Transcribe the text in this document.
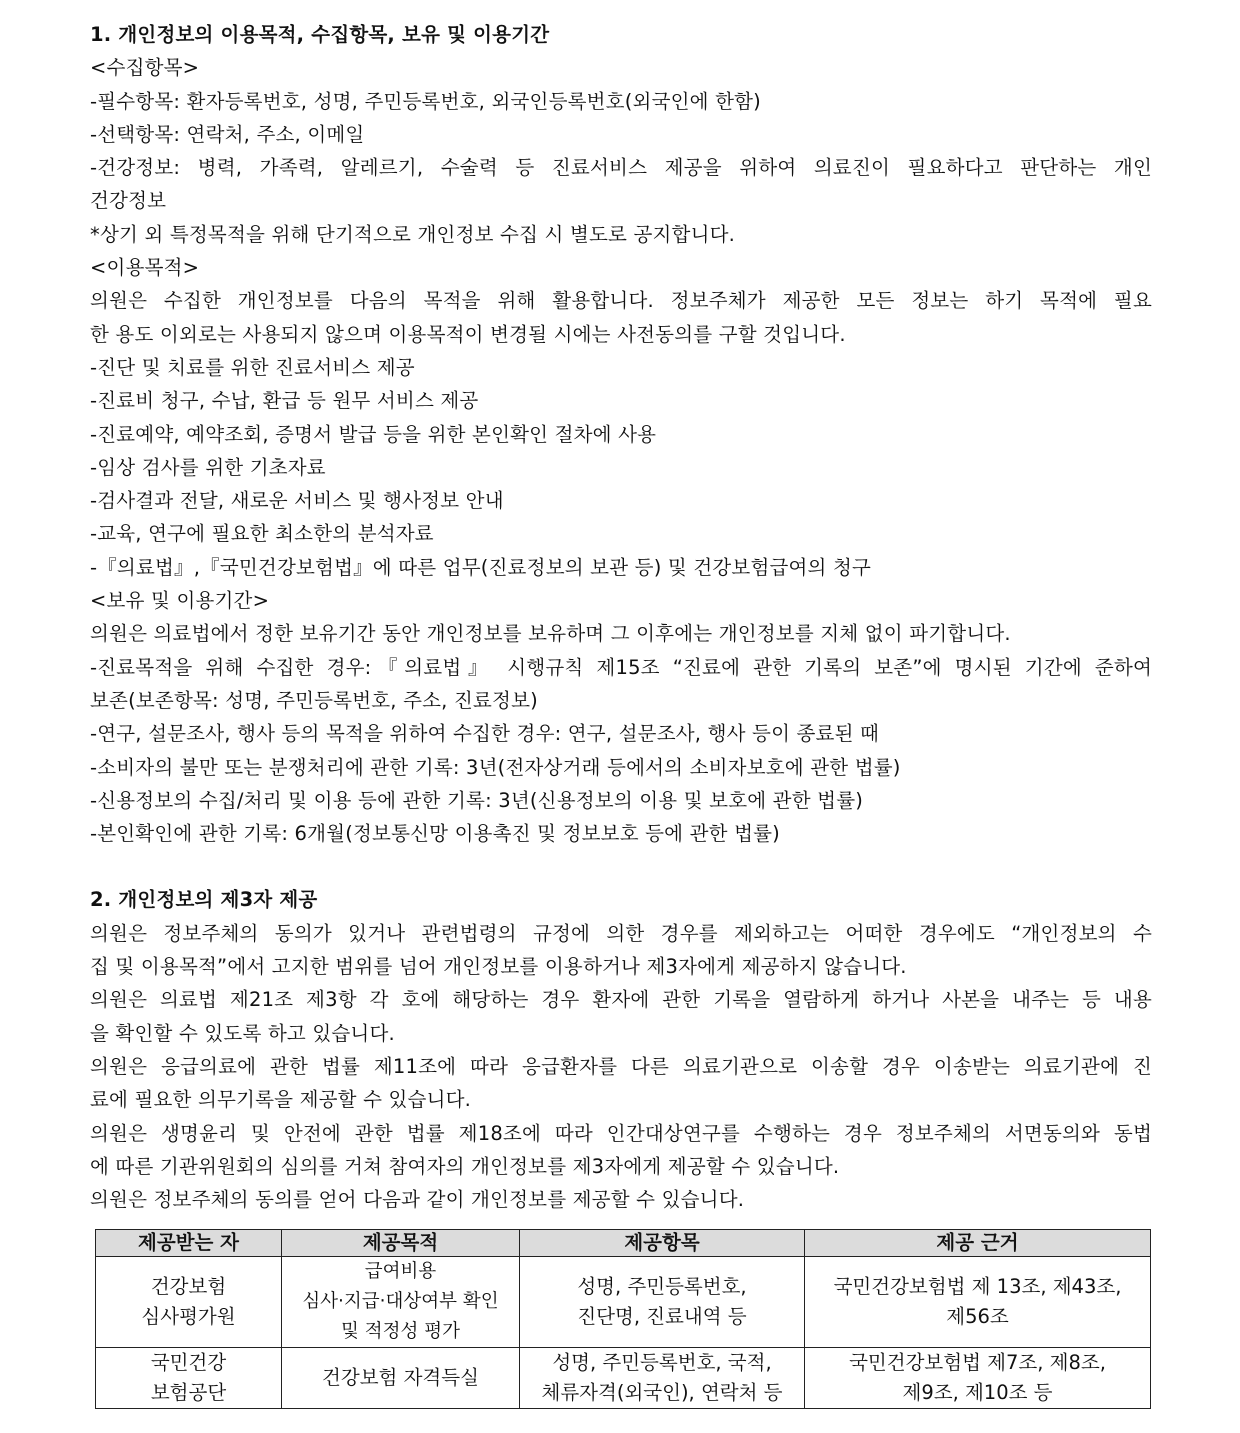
1. 개인정보의 이용목적, 수집항목, 보유 및 이용기간
<수집항목>
-필수항목: 환자등록번호, 성명, 주민등록번호, 외국인등록번호(외국인에 한함)
-선택항목: 연락처, 주소, 이메일
-건강정보: 병력, 가족력, 알레르기, 수술력 등 진료서비스 제공을 위하여 의료진이 필요하다고 판단하는 개인
건강정보
*상기 외 특정목적을 위해 단기적으로 개인정보 수집 시 별도로 공지합니다.
<이용목적>
의원은 수집한 개인정보를 다음의 목적을 위해 활용합니다. 정보주체가 제공한 모든 정보는 하기 목적에 필요
한 용도 이외로는 사용되지 않으며 이용목적이 변경될 시에는 사전동의를 구할 것입니다.
-진단 및 치료를 위한 진료서비스 제공
-진료비 청구, 수납, 환급 등 원무 서비스 제공
-진료예약, 예약조회, 증명서 발급 등을 위한 본인확인 절차에 사용
-임상 검사를 위한 기초자료
-검사결과 전달, 새로운 서비스 및 행사정보 안내
-교육, 연구에 필요한 최소한의 분석자료
-『의료법』,『국민건강보험법』에 따른 업무(진료정보의 보관 등) 및 건강보험급여의 청구
<보유 및 이용기간>
의원은 의료법에서 정한 보유기간 동안 개인정보를 보유하며 그 이후에는 개인정보를 지체 없이 파기합니다.
-진료목적을 위해 수집한 경우:『의료법』 시행규칙 제15조 “진료에 관한 기록의 보존”에 명시된 기간에 준하여
보존(보존항목: 성명, 주민등록번호, 주소, 진료정보)
-연구, 설문조사, 행사 등의 목적을 위하여 수집한 경우: 연구, 설문조사, 행사 등이 종료된 때
-소비자의 불만 또는 분쟁처리에 관한 기록: 3년(전자상거래 등에서의 소비자보호에 관한 법률)
-신용정보의 수집/처리 및 이용 등에 관한 기록: 3년(신용정보의 이용 및 보호에 관한 법률)
-본인확인에 관한 기록: 6개월(정보통신망 이용촉진 및 정보보호 등에 관한 법률)
2. 개인정보의 제3자 제공
의원은 정보주체의 동의가 있거나 관련법령의 규정에 의한 경우를 제외하고는 어떠한 경우에도 “개인정보의 수
집 및 이용목적”에서 고지한 범위를 넘어 개인정보를 이용하거나 제3자에게 제공하지 않습니다.
의원은 의료법 제21조 제3항 각 호에 해당하는 경우 환자에 관한 기록을 열람하게 하거나 사본을 내주는 등 내용
을 확인할 수 있도록 하고 있습니다.
의원은 응급의료에 관한 법률 제11조에 따라 응급환자를 다른 의료기관으로 이송할 경우 이송받는 의료기관에 진
료에 필요한 의무기록을 제공할 수 있습니다.
의원은 생명윤리 및 안전에 관한 법률 제18조에 따라 인간대상연구를 수행하는 경우 정보주체의 서면동의와 동법
에 따른 기관위원회의 심의를 거쳐 참여자의 개인정보를 제3자에게 제공할 수 있습니다.
의원은 정보주체의 동의를 얻어 다음과 같이 개인정보를 제공할 수 있습니다.
제공받는 자	제공목적	제공항목	제공 근거

건강보험
심사평가원	급여비용
심사·지급·대상여부 확인
및 적정성 평가	성명, 주민등록번호,
진단명, 진료내역 등	국민건강보험법 제 13조, 제43조,
제56조

국민건강
보험공단	건강보험 자격득실	성명, 주민등록번호, 국적,
체류자격(외국인), 연락처 등	국민건강보험법 제7조, 제8조,
제9조, 제10조 등
